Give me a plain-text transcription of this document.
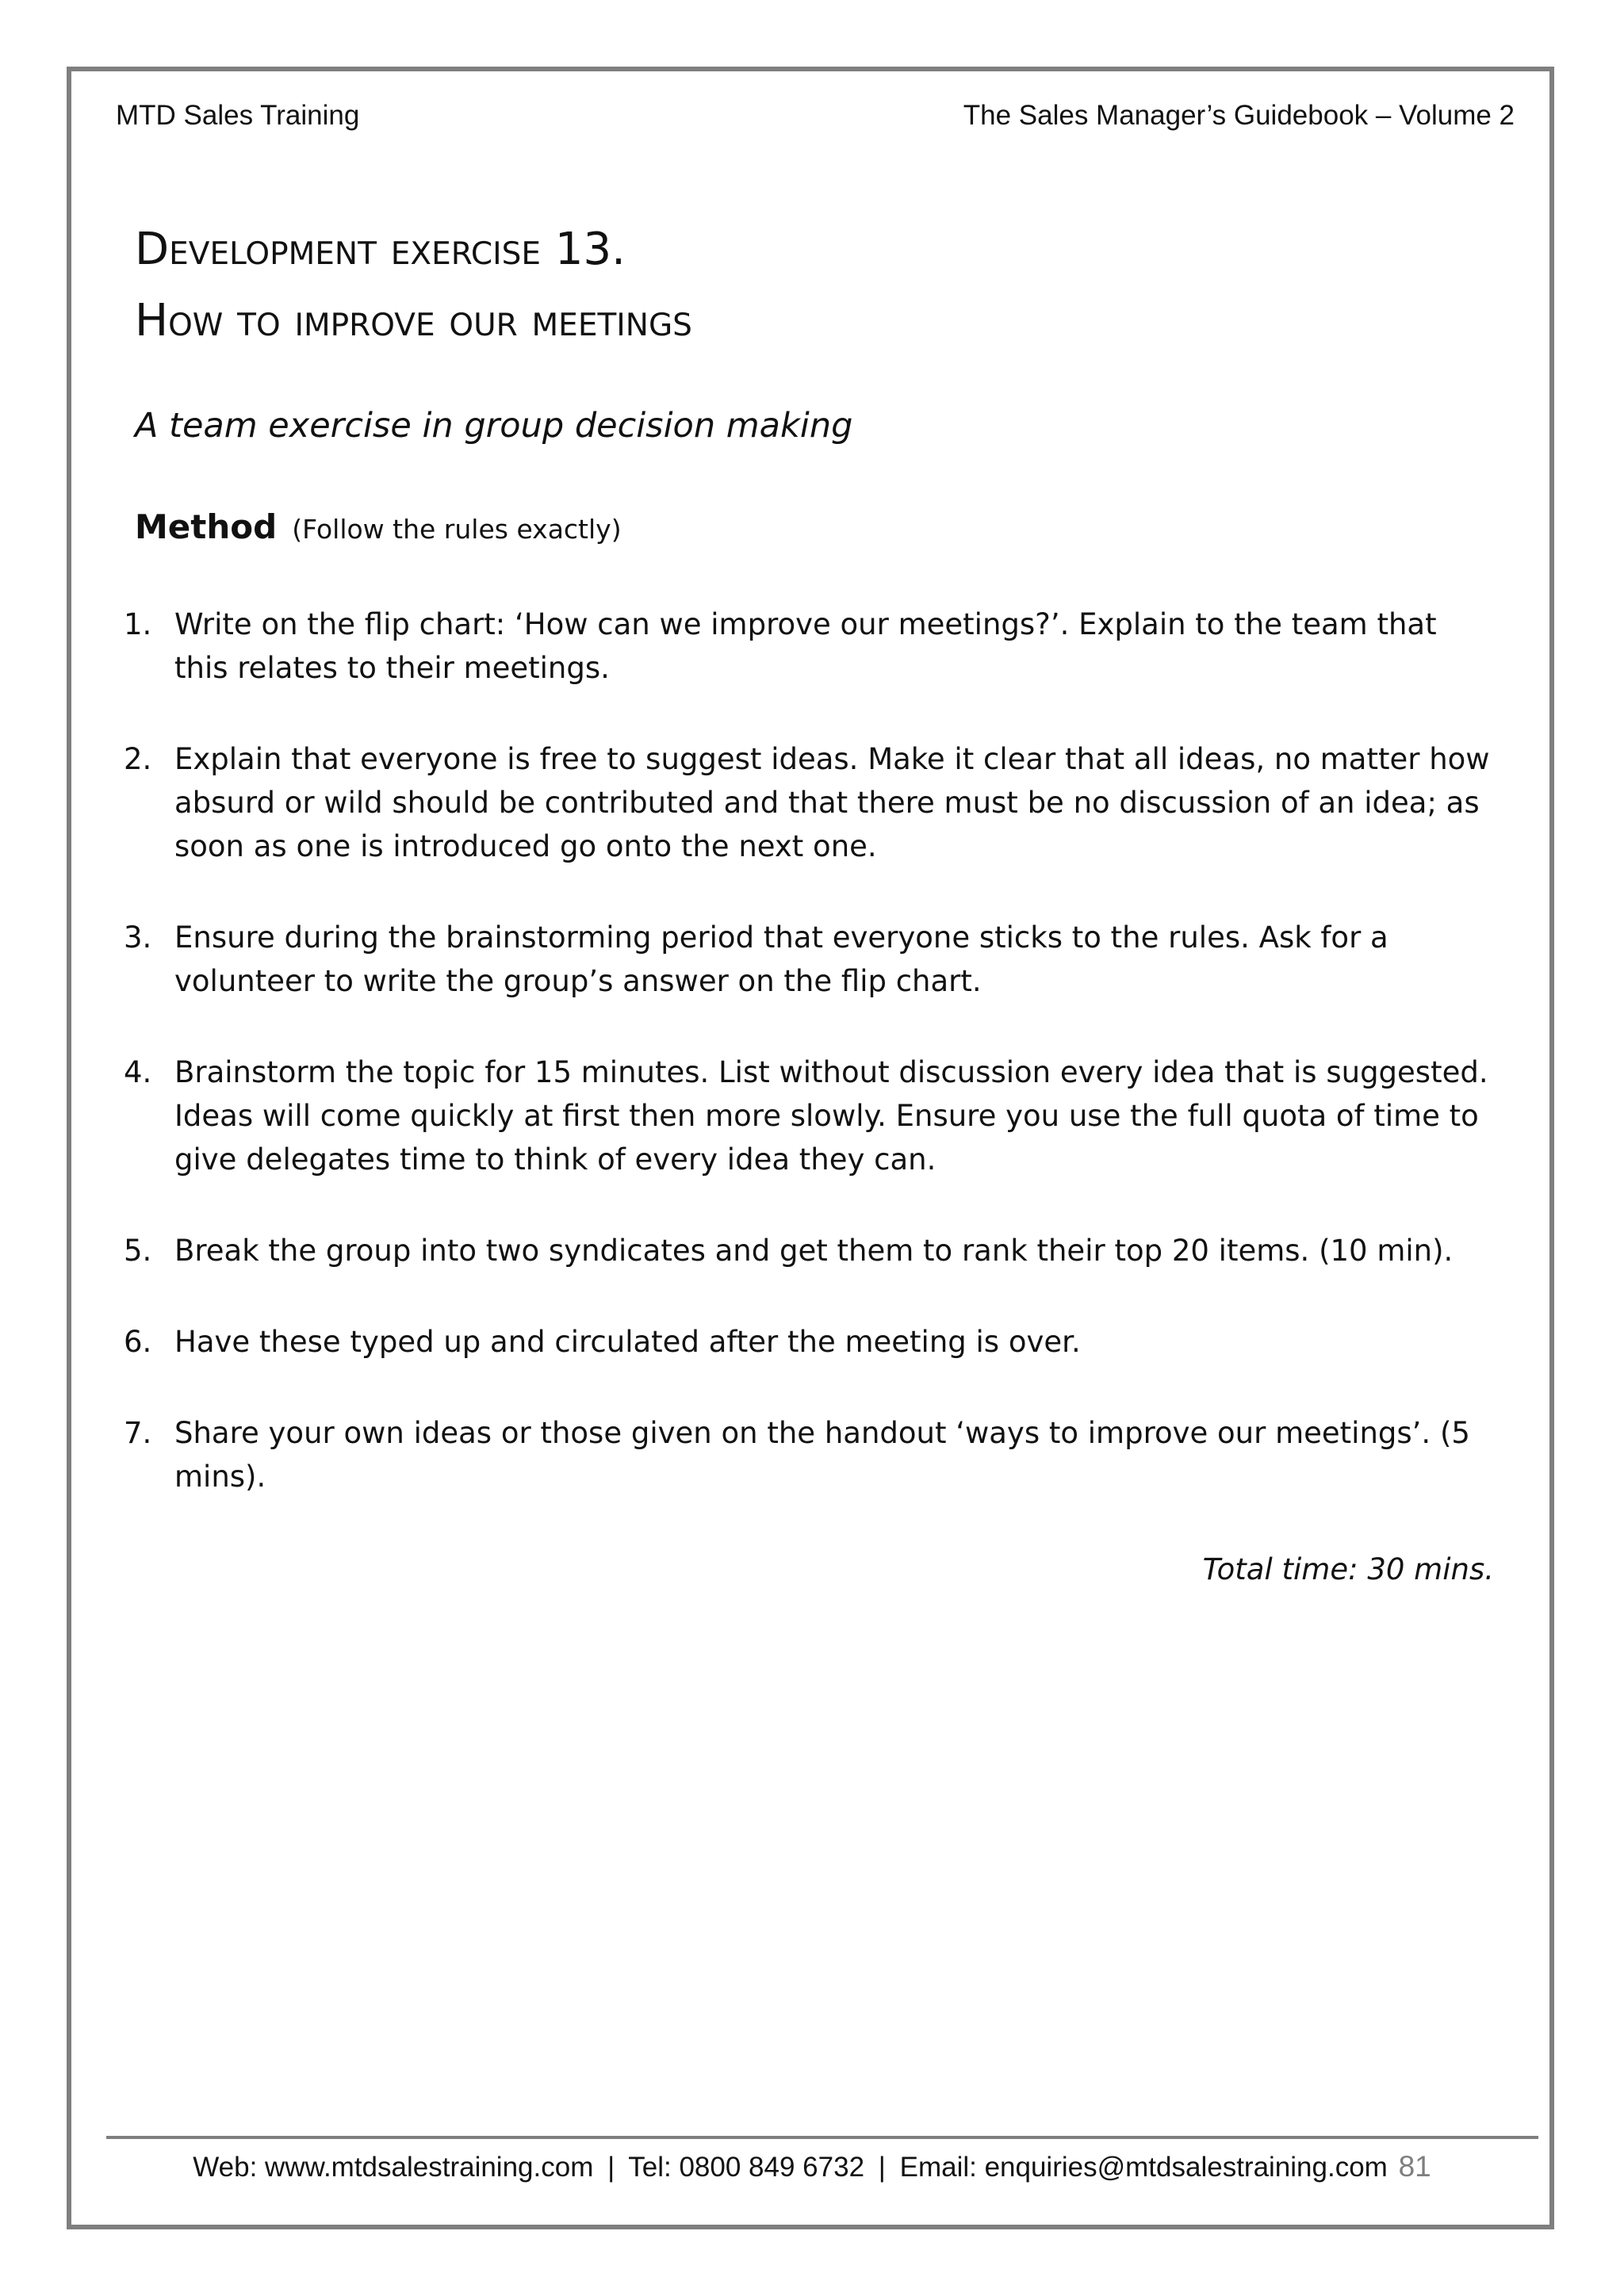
MTD Sales Training	The Sales Manager’s Guidebook – Volume 2
Development exercise 13.
How to improve our meetings
A team exercise in group decision making
Method (Follow the rules exactly)
1. Write on the flip chart: ‘How can we improve our meetings?’. Explain to the team that this relates to their meetings.
2. Explain that everyone is free to suggest ideas. Make it clear that all ideas, no matter how absurd or wild should be contributed and that there must be no discussion of an idea; as soon as one is introduced go onto the next one.
3. Ensure during the brainstorming period that everyone sticks to the rules. Ask for a volunteer to write the group’s answer on the flip chart.
4. Brainstorm the topic for 15 minutes. List without discussion every idea that is suggested. Ideas will come quickly at first then more slowly. Ensure you use the full quota of time to give delegates time to think of every idea they can.
5. Break the group into two syndicates and get them to rank their top 20 items. (10 min).
6. Have these typed up and circulated after the meeting is over.
7. Share your own ideas or those given on the handout ‘ways to improve our meetings’. (5 mins).
Total time: 30 mins.
Web: www.mtdsalestraining.com | Tel: 0800 849 6732 | Email: enquiries@mtdsalestraining.com 81
